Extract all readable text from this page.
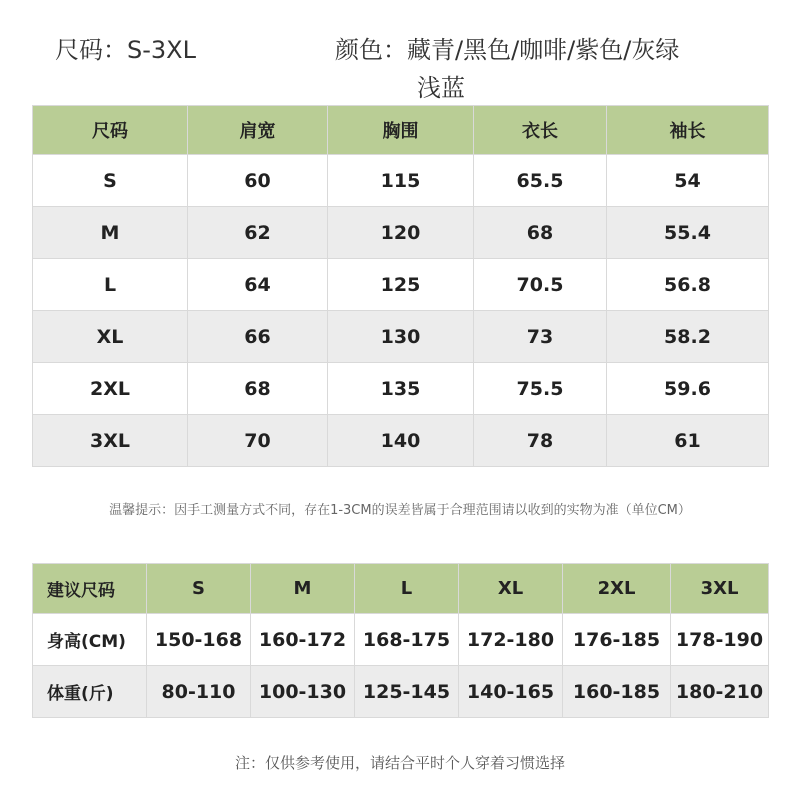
尺码：S-3XL	颜色：藏青/黑色/咖啡/紫色/灰绿
浅蓝
尺码	肩宽	胸围	衣长	袖长
S	60	115	65.5	54
M	62	120	68	55.4
L	64	125	70.5	56.8
XL	66	130	73	58.2
2XL	68	135	75.5	59.6
3XL	70	140	78	61
温馨提示：因手工测量方式不同，存在1-3CM的误差皆属于合理范围请以收到的实物为准（单位CM）
建议尺码	S	M	L	XL	2XL	3XL
身高(CM)	150-168	160-172	168-175	172-180	176-185	178-190
体重(斤)	80-110	100-130	125-145	140-165	160-185	180-210
注：仅供参考使用，请结合平时个人穿着习惯选择
